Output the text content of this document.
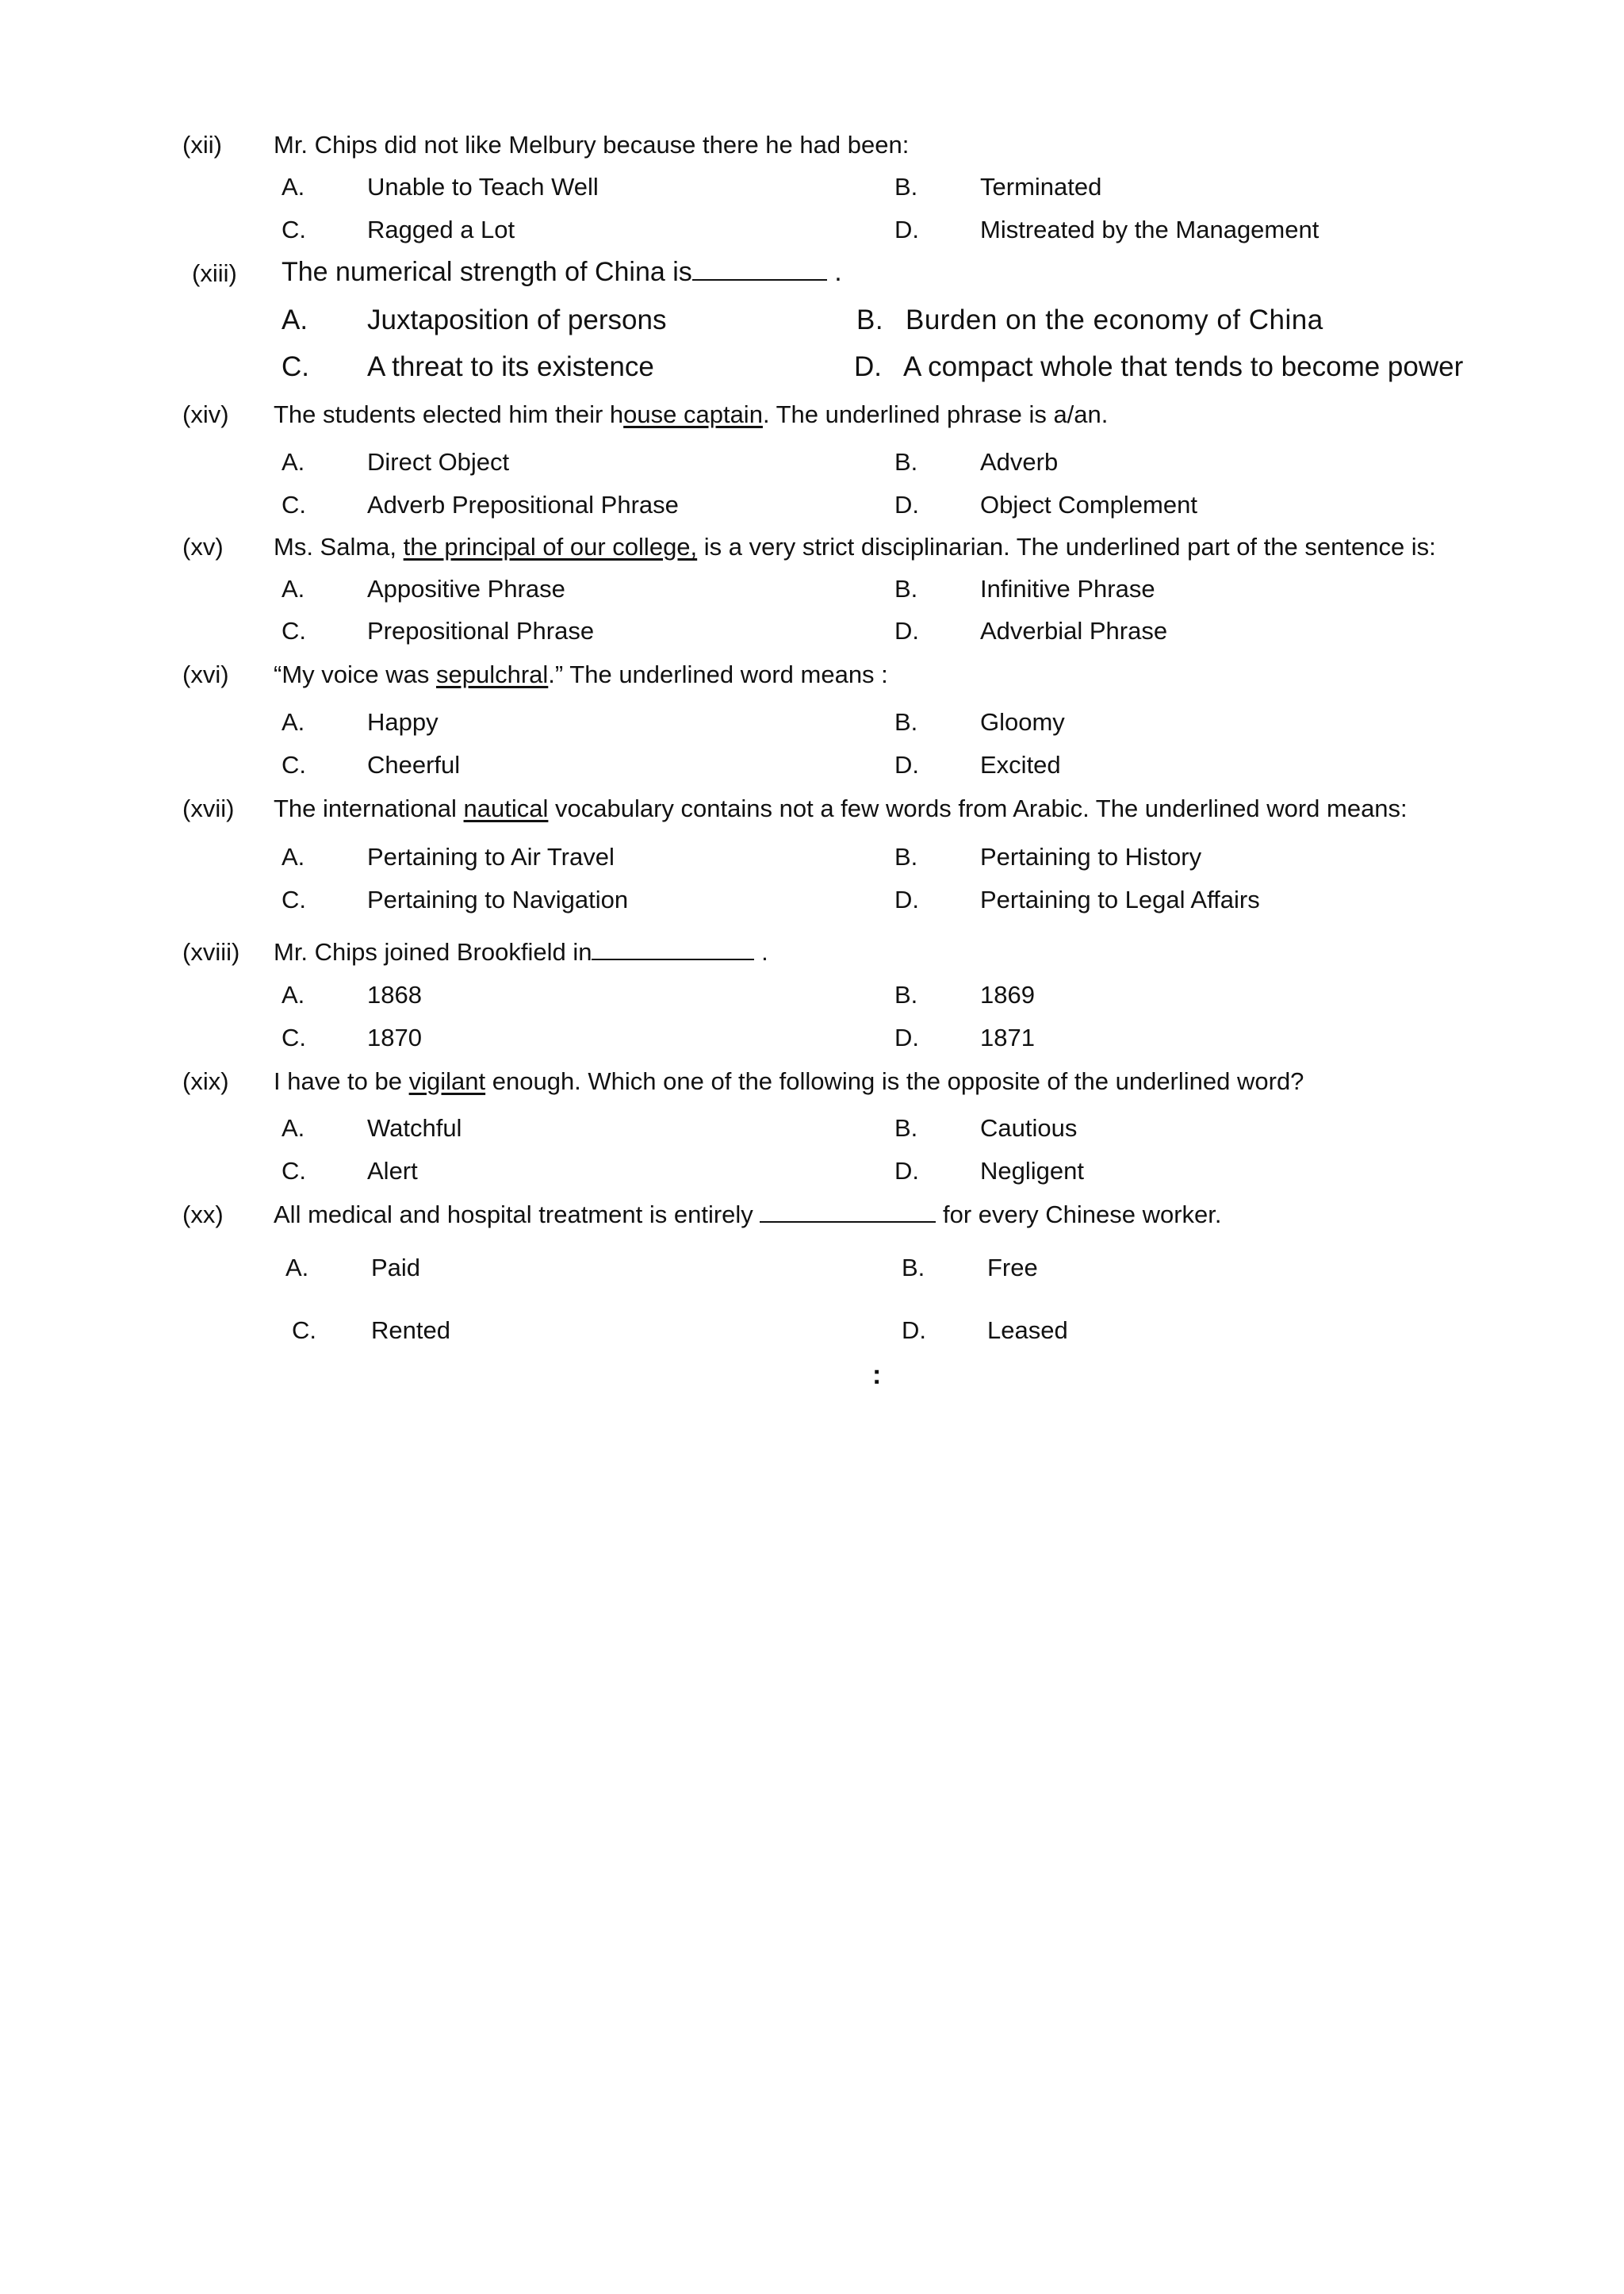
(xii) Mr. Chips did not like Melbury because there he had been:
A.	Unable to Teach Well	B.	Terminated
C. Ragged a Lot	D. Mistreated by the Management
(xiii) The numerical strength of China is	.
A. Juxtaposition of persons	B. Burden on the economy of China
C. A threat to its existence	D. A compact whole that tends to become power
(xiv) The students elected him their house captain. The underlined phrase is a/an.
A.	Direct Object	B.	Adverb
C. Adverb Prepositional Phrase	D. Object Complement
(xv) Ms. Salma, the principal of our college, is a very strict disciplinarian. The underlined part of the sentence is:
A.	Appositive Phrase	B.	Infinitive Phrase
C. Prepositional Phrase	D. Adverbial Phrase
(xvi) “My voice was sepulchral.” The underlined word means :
A.	Happy	B.	Gloomy
C. Cheerful	D. Excited
(xvii) The international nautical vocabulary contains not a few words from Arabic. The underlined word means:
A.	Pertaining to Air Travel	B.	Pertaining to History
C. Pertaining to Navigation	D. Pertaining to Legal Affairs
(xviii) Mr. Chips joined Brookfield in	.
A.	1868	B.	1869
C. 1870	D. 1871
(xix) I have to be vigilant enough. Which one of the following is the opposite of the underlined word?
A.	Watchful	B.	Cautious
C. Alert	D. Negligent
(xx) All medical and hospital treatment is entirely	for every Chinese worker.
A.	Paid	B.	Free
C. Rented	D. Leased
:
